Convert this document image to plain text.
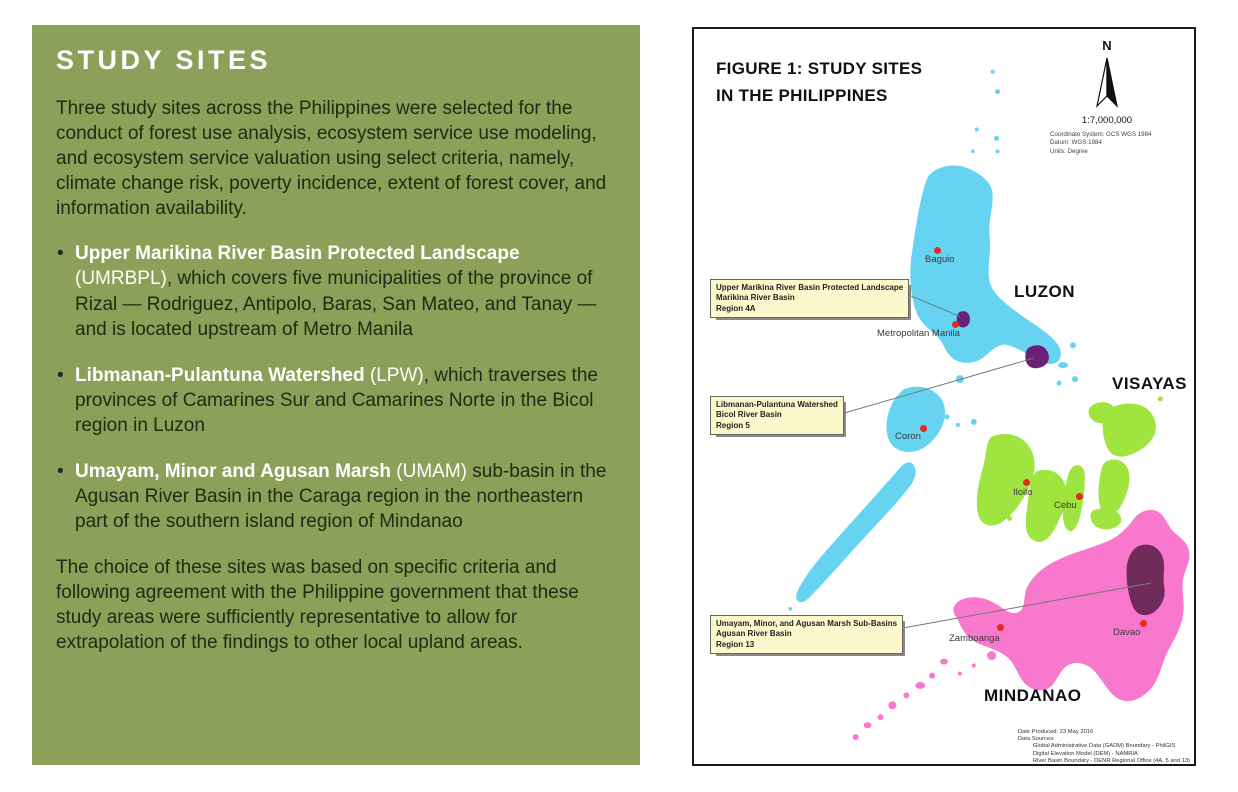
STUDY SITES

Three study sites across the Philippines were selected for the conduct of forest use analysis, ecosystem service use modeling, and ecosystem service valuation using select criteria, namely, climate change risk, poverty incidence, extent of forest cover, and information availability.

• Upper Marikina River Basin Protected Landscape (UMRBPL), which covers five municipalities of the province of Rizal — Rodriguez, Antipolo, Baras, San Mateo, and Tanay — and is located upstream of Metro Manila
• Libmanan-Pulantuna Watershed (LPW), which traverses the provinces of Camarines Sur and Camarines Norte in the Bicol region in Luzon
• Umayam, Minor and Agusan Marsh (UMAM) sub-basin in the Agusan River Basin in the Caraga region in the northeastern part of the southern island region of Mindanao

The choice of these sites was based on specific criteria and following agreement with the Philippine government that these study areas were sufficiently representative to allow for extrapolation of the findings to other local upland areas.

FIGURE 1: STUDY SITES
IN THE PHILIPPINES
N
1:7,000,000
Coordinate System: GCS WGS 1984
Datum: WGS 1984
Units: Degree
LUZON
VISAYAS
MINDANAO
Baguio
Metropolitan Manila
Coron
Iloilo
Cebu
Zamboanga
Davao
Upper Marikina River Basin Protected Landscape
Marikina River Basin
Region 4A
Libmanan-Pulantuna Watershed
Bicol River Basin
Region 5
Umayam, Minor, and Agusan Marsh Sub-Basins
Agusan River Basin
Region 13
Date Produced: 23 May 2016
Data Sources:
Global Administrative Data (GADM) Boundary - PhilGIS
Digital Elevation Model (DEM) - NAMRIA
River Basin Boundary - DENR Regional Office (4A, 5 and 13)
